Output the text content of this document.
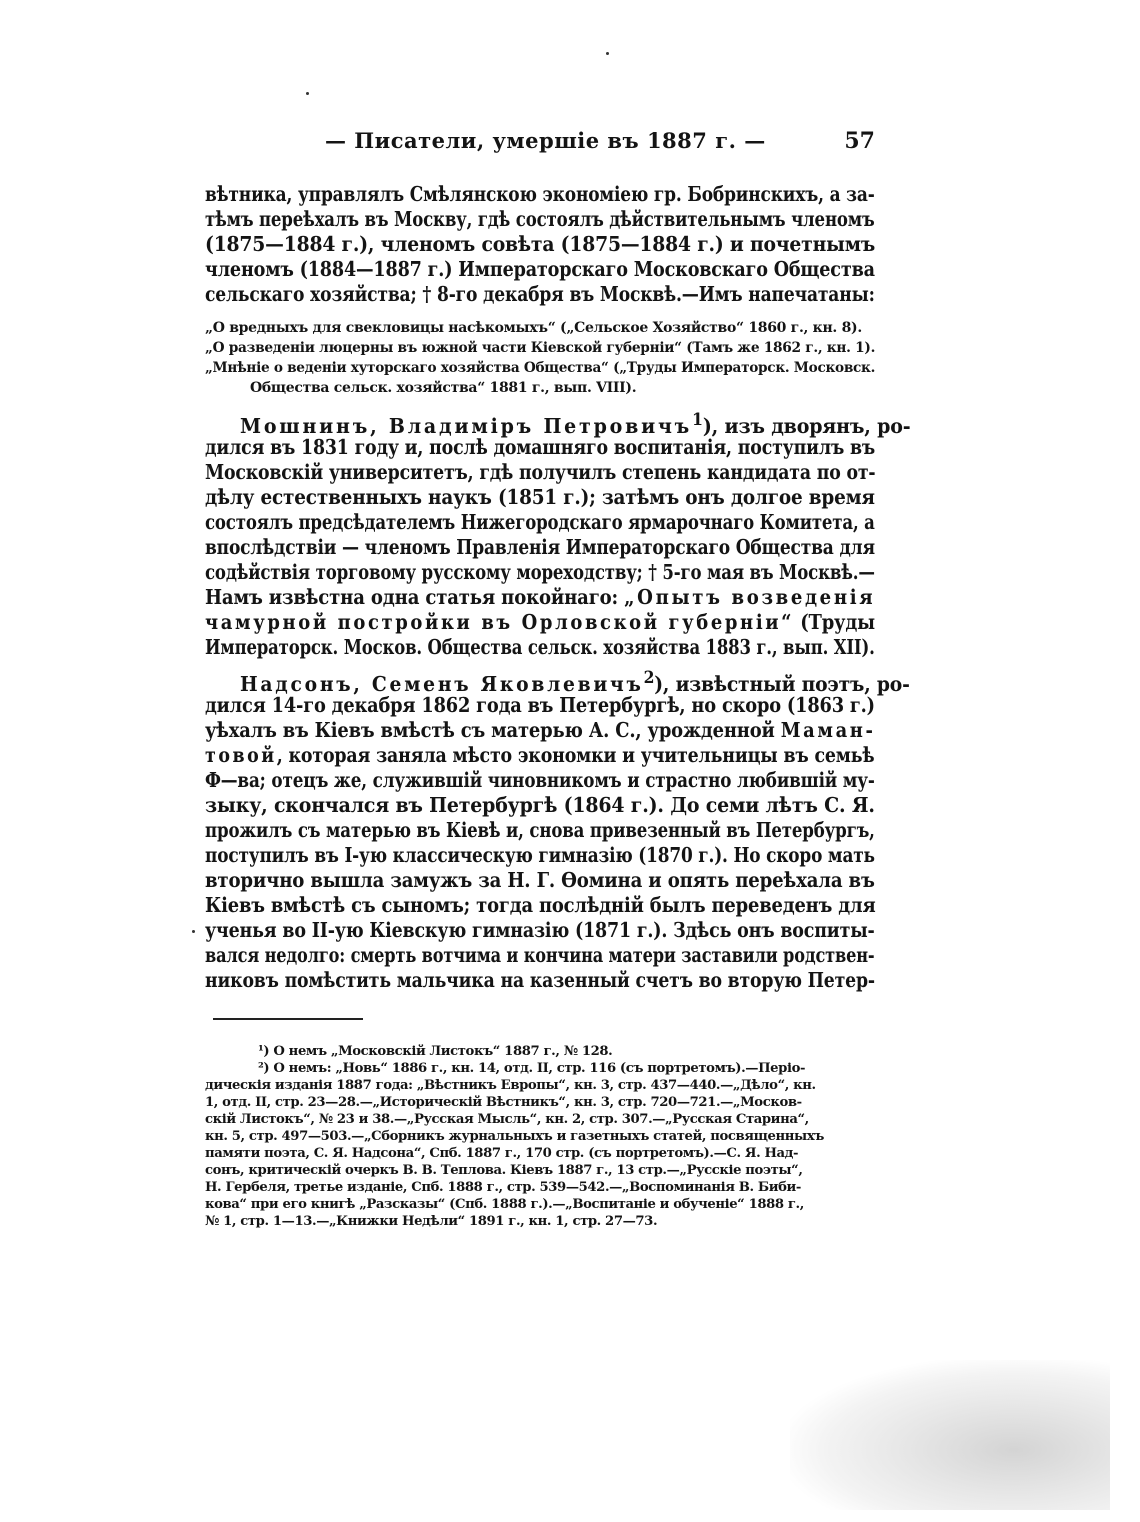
— Писатели, умершіе въ 1887 г. —	57
вѣтника, управлялъ Смѣлянскою экономіею гр. Бобринскихъ, а за-
тѣмъ переѣхалъ въ Москву, гдѣ состоялъ дѣйствительнымъ членомъ
(1875—1884 г.), членомъ совѣта (1875—1884 г.) и почетнымъ
членомъ (1884—1887 г.) Императорскаго Московскаго Общества
сельскаго хозяйства; † 8-го декабря въ Москвѣ.—Имъ напечатаны:
„О вредныхъ для свекловицы насѣкомыхъ“ („Сельское Хозяйство“ 1860 г., кн. 8).
„О разведеніи люцерны въ южной части Кіевской губерніи“ (Тамъ же 1862 г., кн. 1).
„Мнѣніе о веденіи хуторскаго хозяйства Общества“ („Труды Императорск. Московск.
Общества сельск. хозяйства“ 1881 г., вып. VIII).
Мошнинъ, Владиміръ Петровичъ$^1$), изъ дворянъ, ро-
дился въ 1831 году и, послѣ домашняго воспитанія, поступилъ въ
Московскій университетъ, гдѣ получилъ степень кандидата по от-
дѣлу естественныхъ наукъ (1851 г.); затѣмъ онъ долгое время
состоялъ предсѣдателемъ Нижегородскаго ярмарочнаго Комитета, а
впослѣдствіи — членомъ Правленія Императорскаго Общества для
содѣйствія торговому русскому мореходству; † 5-го мая въ Москвѣ.—
Намъ извѣстна одна статья покойнаго: „Опытъ возведенія
чамурной постройки въ Орловской губерніи“ (Труды
Императорск. Москов. Общества сельск. хозяйства 1883 г., вып. XII).
Надсонъ, Семенъ Яковлевичъ$^2$), извѣстный поэтъ, ро-
дился 14-го декабря 1862 года въ Петербургѣ, но скоро (1863 г.)
уѣхалъ въ Кіевъ вмѣстѣ съ матерью А. С., урожденной Маман-
товой, которая заняла мѣсто экономки и учительницы въ семьѣ
Ф—ва; отецъ же, служившій чиновникомъ и страстно любившій му-
зыку, скончался въ Петербургѣ (1864 г.). До семи лѣтъ С. Я.
прожилъ съ матерью въ Кіевѣ и, снова привезенный въ Петербургъ,
поступилъ въ I-ую классическую гимназію (1870 г.). Но скоро мать
вторично вышла замужъ за Н. Г. Ѳомина и опять переѣхала въ
Кіевъ вмѣстѣ съ сыномъ; тогда послѣдній былъ переведенъ для
ученья во II-ую Кіевскую гимназію (1871 г.). Здѣсь онъ воспиты-
вался недолго: смерть вотчима и кончина матери заставили родствен-
никовъ помѣстить мальчика на казенный счетъ во вторую Петер-
¹) О немъ „Московскій Листокъ“ 1887 г., № 128.
²) О немъ: „Новь“ 1886 г., кн. 14, отд. II, стр. 116 (съ портретомъ).—Періо-
дическія изданія 1887 года: „Вѣстникъ Европы“, кн. 3, стр. 437—440.—„Дѣло“, кн.
1, отд. II, стр. 23—28.—„Историческій Вѣстникъ“, кн. 3, стр. 720—721.—„Москов-
скій Листокъ“, № 23 и 38.—„Русская Мысль“, кн. 2, стр. 307.—„Русская Старина“,
кн. 5, стр. 497—503.—„Сборникъ журнальныхъ и газетныхъ статей, посвященныхъ
памяти поэта, С. Я. Надсона“, Спб. 1887 г., 170 стр. (съ портретомъ).—С. Я. Над-
сонъ, критическій очеркъ В. В. Теплова. Кіевъ 1887 г., 13 стр.—„Русскіе поэты“,
Н. Гербеля, третье изданіе, Спб. 1888 г., стр. 539—542.—„Воспоминанія В. Биби-
кова“ при его книгѣ „Разсказы“ (Спб. 1888 г.).—„Воспитаніе и обученіе“ 1888 г.,
№ 1, стр. 1—13.—„Книжки Недѣли“ 1891 г., кн. 1, стр. 27—73.
